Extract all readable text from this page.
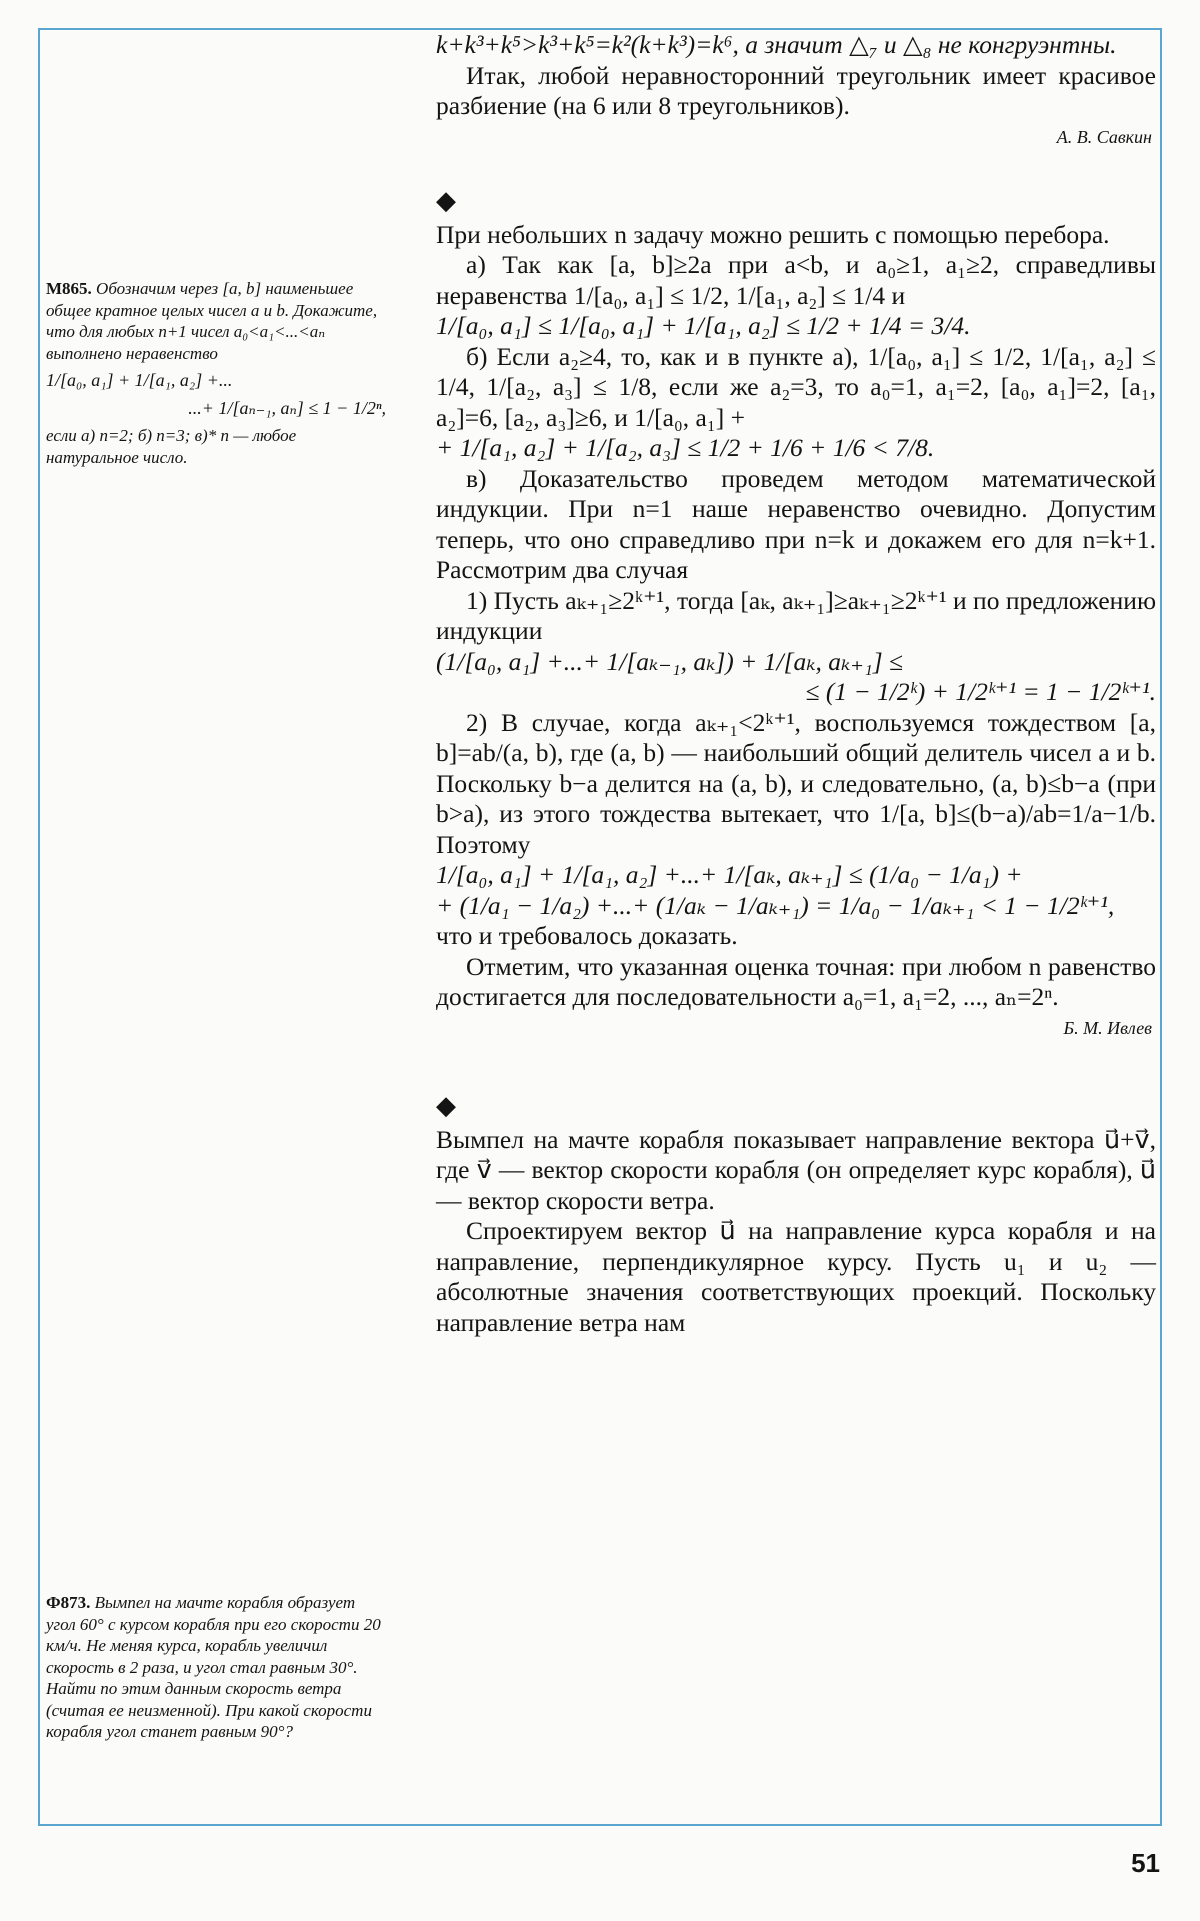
k+k³+k⁵>k³+k⁵=k²(k+k³)=k⁶, а значит △₇ и △₈ не конгруэнтны.

Итак, любой неравносторонний треугольник имеет красивое разбиение (на 6 или 8 треугольников).

А. В. Савкин
◆

При небольших n задачу можно решить с помощью перебора.

а) Так как [a, b]≥2a при a<b, и a₀≥1, a₁≥2, справедливы неравенства 1/[a₀, a₁] ≤ 1/2, 1/[a₁, a₂] ≤ 1/4 и

1/[a₀, a₁] ≤ 1/[a₀, a₁] + 1/[a₁, a₂] ≤ 1/2 + 1/4 = 3/4.

б) Если a₂≥4, то, как и в пункте а), 1/[a₀, a₁] ≤ 1/2, 1/[a₁, a₂] ≤ 1/4, 1/[a₂, a₃] ≤ 1/8, если же a₂=3, то a₀=1, a₁=2, [a₀, a₁]=2, [a₁, a₂]=6, [a₂, a₃]≥6, и 1/[a₀, a₁] +

+ 1/[a₁, a₂] + 1/[a₂, a₃] ≤ 1/2 + 1/6 + 1/6 < 7/8.

в) Доказательство проведем методом математической индукции. При n=1 наше неравенство очевидно. Допустим теперь, что оно справедливо при n=k и докажем его для n=k+1. Рассмотрим два случая

1) Пусть aₖ₊₁≥2ᵏ⁺¹, тогда [aₖ, aₖ₊₁]≥aₖ₊₁≥2ᵏ⁺¹ и по предложению индукции

(1/[a₀, a₁] +...+ 1/[aₖ₋₁, aₖ]) + 1/[aₖ, aₖ₊₁] ≤

≤ (1 − 1/2ᵏ) + 1/2ᵏ⁺¹ = 1 − 1/2ᵏ⁺¹.

2) В случае, когда aₖ₊₁<2ᵏ⁺¹, воспользуемся тождеством [a, b]=ab/(a, b), где (a, b) — наибольший общий делитель чисел a и b. Поскольку b−a делится на (a, b), и следовательно, (a, b)≤b−a (при b>a), из этого тождества вытекает, что 1/[a, b]≤(b−a)/ab=1/a−1/b. Поэтому

1/[a₀, a₁] + 1/[a₁, a₂] +...+ 1/[aₖ, aₖ₊₁] ≤ (1/a₀ − 1/a₁) +

+ (1/a₁ − 1/a₂) +...+ (1/aₖ − 1/aₖ₊₁) = 1/a₀ − 1/aₖ₊₁ < 1 − 1/2ᵏ⁺¹,

что и требовалось доказать.

Отметим, что указанная оценка точная: при любом n равенство достигается для последовательности a₀=1, a₁=2, ..., aₙ=2ⁿ.

Б. М. Ивлев
◆

Вымпел на мачте корабля показывает направление вектора u⃗+v⃗, где v⃗ — вектор скорости корабля (он определяет курс корабля), u⃗ — вектор скорости ветра.

Спроектируем вектор u⃗ на направление курса корабля и на направление, перпендикулярное курсу. Пусть u₁ и u₂ — абсолютные значения соответствующих проекций. Поскольку направление ветра нам

М865. Обозначим через [a, b] наименьшее общее кратное целых чисел a и b. Докажите, что для любых n+1 чисел a₀<a₁<...<aₙ выполнено неравенство
1/[a₀, a₁] + 1/[a₁, a₂] +...
...+ 1/[aₙ₋₁, aₙ] ≤ 1 − 1/2ⁿ,
если а) n=2; б) n=3; в)* n — любое натуральное число.
Ф873. Вымпел на мачте корабля образует угол 60° с курсом корабля при его скорости 20 км/ч. Не меняя курса, корабль увеличил скорость в 2 раза, и угол стал равным 30°. Найти по этим данным скорость ветра (считая ее неизменной). При какой скорости корабля угол станет равным 90°?
51
